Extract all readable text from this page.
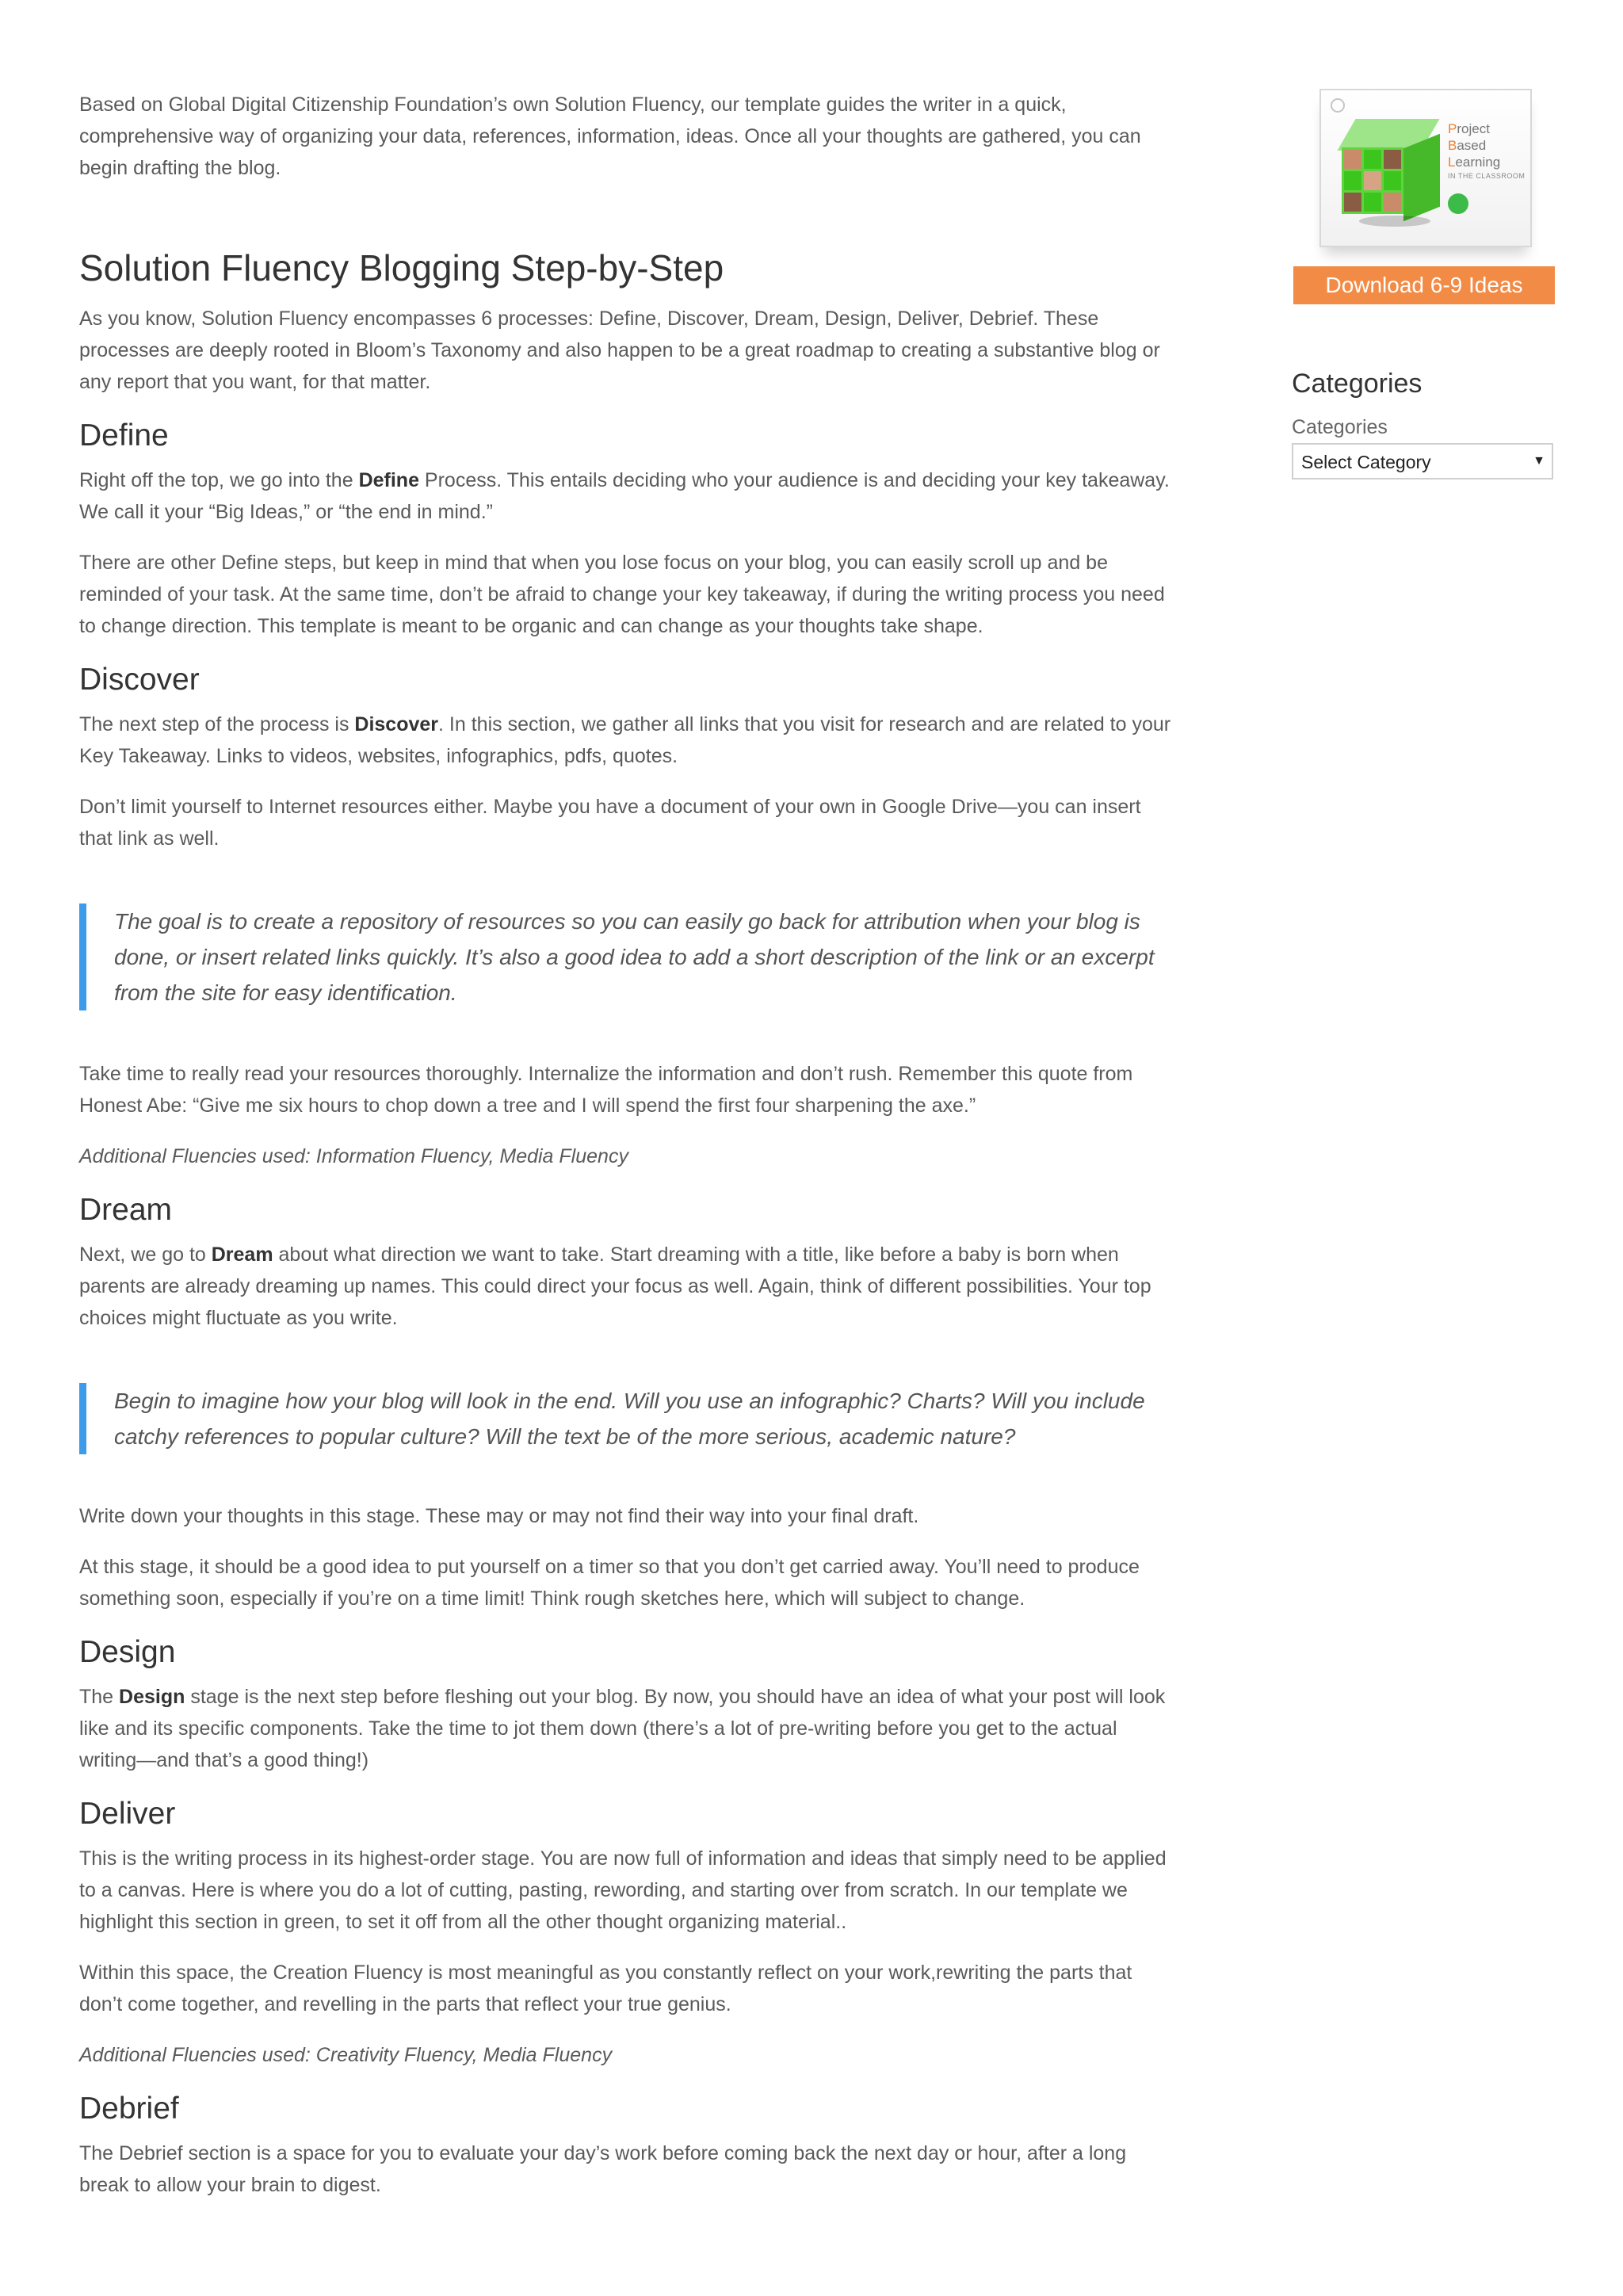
Based on Global Digital Citizenship Foundation’s own Solution Fluency, our template guides the writer in a quick, comprehensive way of organizing your data, references, information, ideas. Once all your thoughts are gathered, you can begin drafting the blog.

Solution Fluency Blogging Step-by-Step

As you know, Solution Fluency encompasses 6 processes: Define, Discover, Dream, Design, Deliver, Debrief. These processes are deeply rooted in Bloom’s Taxonomy and also happen to be a great roadmap to creating a substantive blog or any report that you want, for that matter.

Define

Right off the top, we go into the Define Process. This entails deciding who your audience is and deciding your key takeaway. We call it your “Big Ideas,” or “the end in mind.”

There are other Define steps, but keep in mind that when you lose focus on your blog, you can easily scroll up and be reminded of your task. At the same time, don’t be afraid to change your key takeaway, if during the writing process you need to change direction. This template is meant to be organic and can change as your thoughts take shape.

Discover

The next step of the process is Discover. In this section, we gather all links that you visit for research and are related to your Key Takeaway. Links to videos, websites, infographics, pdfs, quotes.

Don’t limit yourself to Internet resources either. Maybe you have a document of your own in Google Drive—you can insert that link as well.

The goal is to create a repository of resources so you can easily go back for attribution when your blog is done, or insert related links quickly. It’s also a good idea to add a short description of the link or an excerpt from the site for easy identification.

Take time to really read your resources thoroughly. Internalize the information and don’t rush. Remember this quote from Honest Abe: “Give me six hours to chop down a tree and I will spend the first four sharpening the axe.”

Additional Fluencies used: Information Fluency, Media Fluency

Dream

Next, we go to Dream about what direction we want to take. Start dreaming with a title, like before a baby is born when parents are already dreaming up names. This could direct your focus as well. Again, think of different possibilities. Your top choices might fluctuate as you write.

Begin to imagine how your blog will look in the end. Will you use an infographic? Charts? Will you include catchy references to popular culture? Will the text be of the more serious, academic nature?

Write down your thoughts in this stage. These may or may not find their way into your final draft.

At this stage, it should be a good idea to put yourself on a timer so that you don’t get carried away. You’ll need to produce something soon, especially if you’re on a time limit! Think rough sketches here, which will subject to change.

Design

The Design stage is the next step before fleshing out your blog. By now, you should have an idea of what your post will look like and its specific components. Take the time to jot them down (there’s a lot of pre-writing before you get to the actual writing—and that’s a good thing!)

Deliver

This is the writing process in its highest-order stage. You are now full of information and ideas that simply need to be applied to a canvas. Here is where you do a lot of cutting, pasting, rewording, and starting over from scratch. In our template we highlight this section in green, to set it off from all the other thought organizing material..

Within this space, the Creation Fluency is most meaningful as you constantly reflect on your work,rewriting the parts that don’t come together, and revelling in the parts that reflect your true genius.

Additional Fluencies used: Creativity Fluency, Media Fluency

Debrief

The Debrief section is a space for you to evaluate your day’s work before coming back the next day or hour, after a long break to allow your brain to digest.

Project
Based
Learning
IN THE CLASSROOM
Download 6-9 Ideas
Categories
Categories
Select Category	▼
